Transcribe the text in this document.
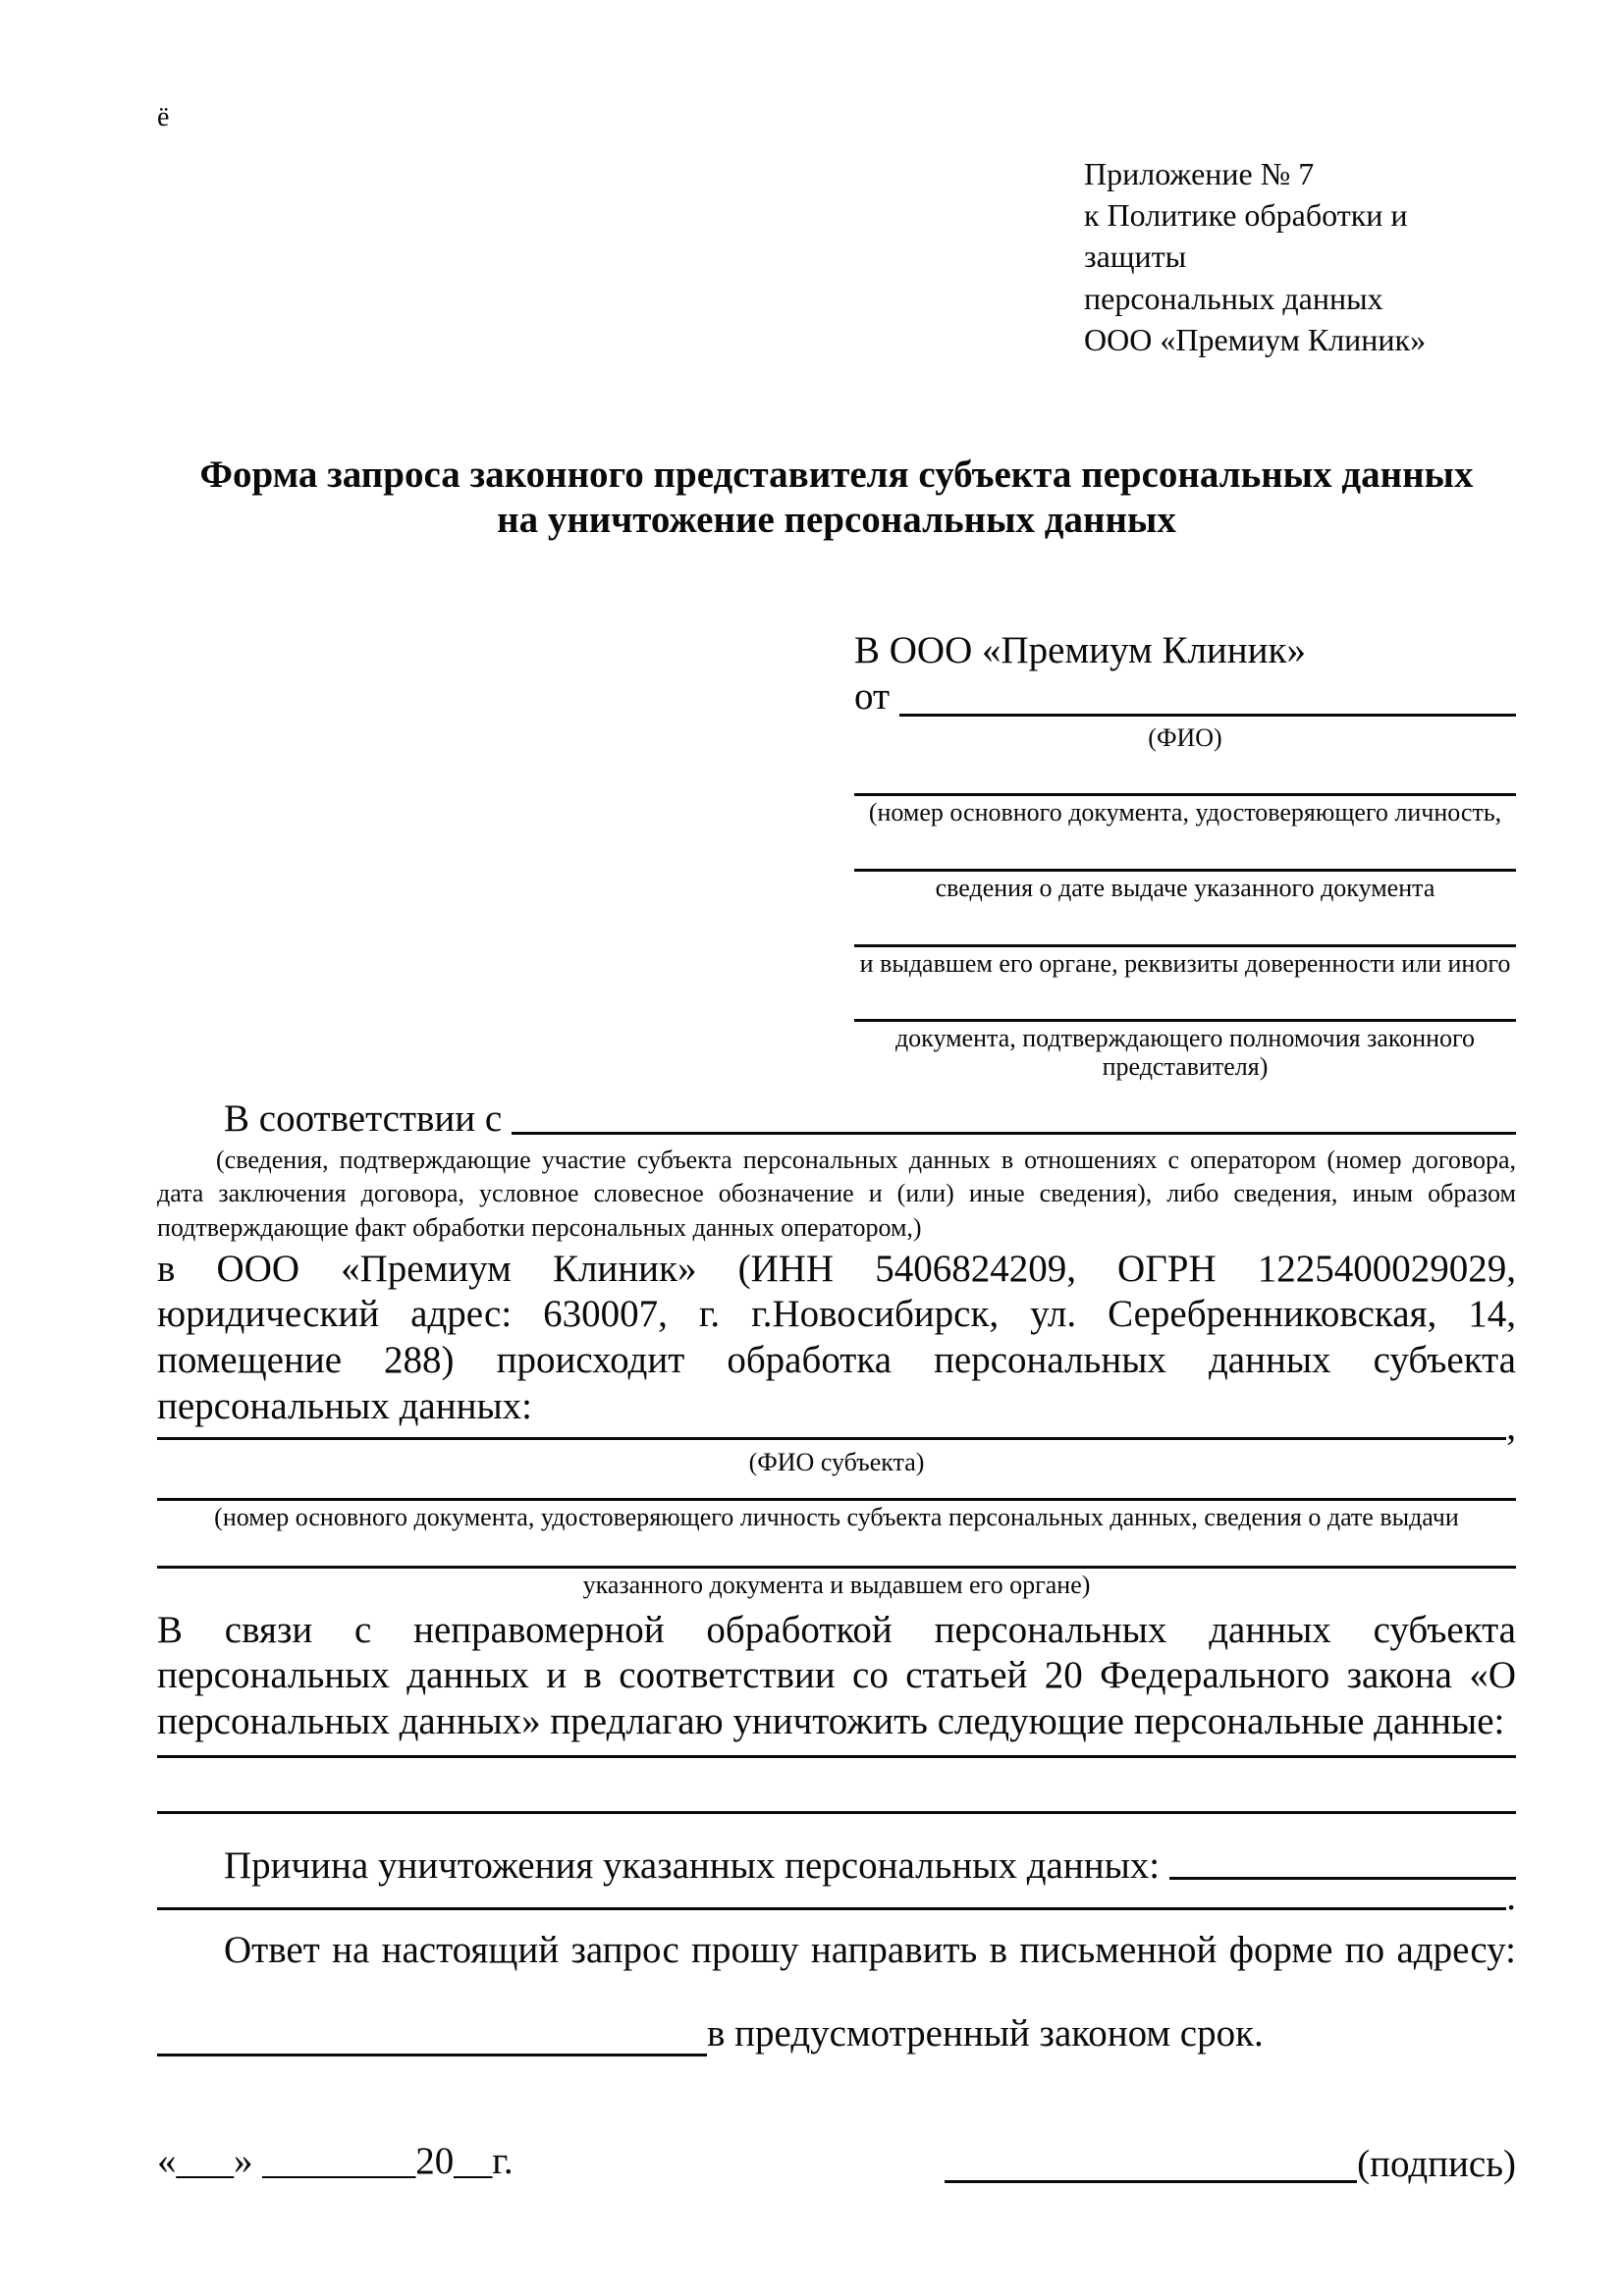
ё
Приложение № 7
к Политике обработки и защиты
персональных данных
ООО «Премиум Клиник»
Форма запроса законного представителя субъекта персональных данных
на уничтожение персональных данных
В ООО «Премиум Клиник»
от
(ФИО)
(номер основного документа, удостоверяющего личность,
сведения о дате выдаче указанного документа
и выдавшем его органе, реквизиты доверенности или иного
документа, подтверждающего полномочия законного представителя)
В соответствии с

(сведения, подтверждающие участие субъекта персональных данных в отношениях с оператором (номер договора, дата заключения договора, условное словесное обозначение и (или) иные сведения), либо сведения, иным образом подтверждающие факт обработки персональных данных оператором,)

в ООО «Премиум Клиник» (ИНН 5406824209, ОГРН 1225400029029, юридический адрес: 630007, г. г.Новосибирск, ул. Серебренниковская, 14, помещение 288) происходит обработка персональных данных субъекта персональных данных:	,
(ФИО субъекта)
(номер основного документа, удостоверяющего личность субъекта персональных данных, сведения о дате выдачи
указанного документа и выдавшем его органе)

В связи с неправомерной обработкой персональных данных субъекта персональных данных и в соответствии со статьей 20 Федерального закона «О персональных данных» предлагаю уничтожить следующие персональные данные:

Причина уничтожения указанных персональных данных:
.

Ответ на настоящий запрос прошу направить в письменной форме по адресу:

в предусмотренный законом срок.
«___» ________20__г.	(подпись)
